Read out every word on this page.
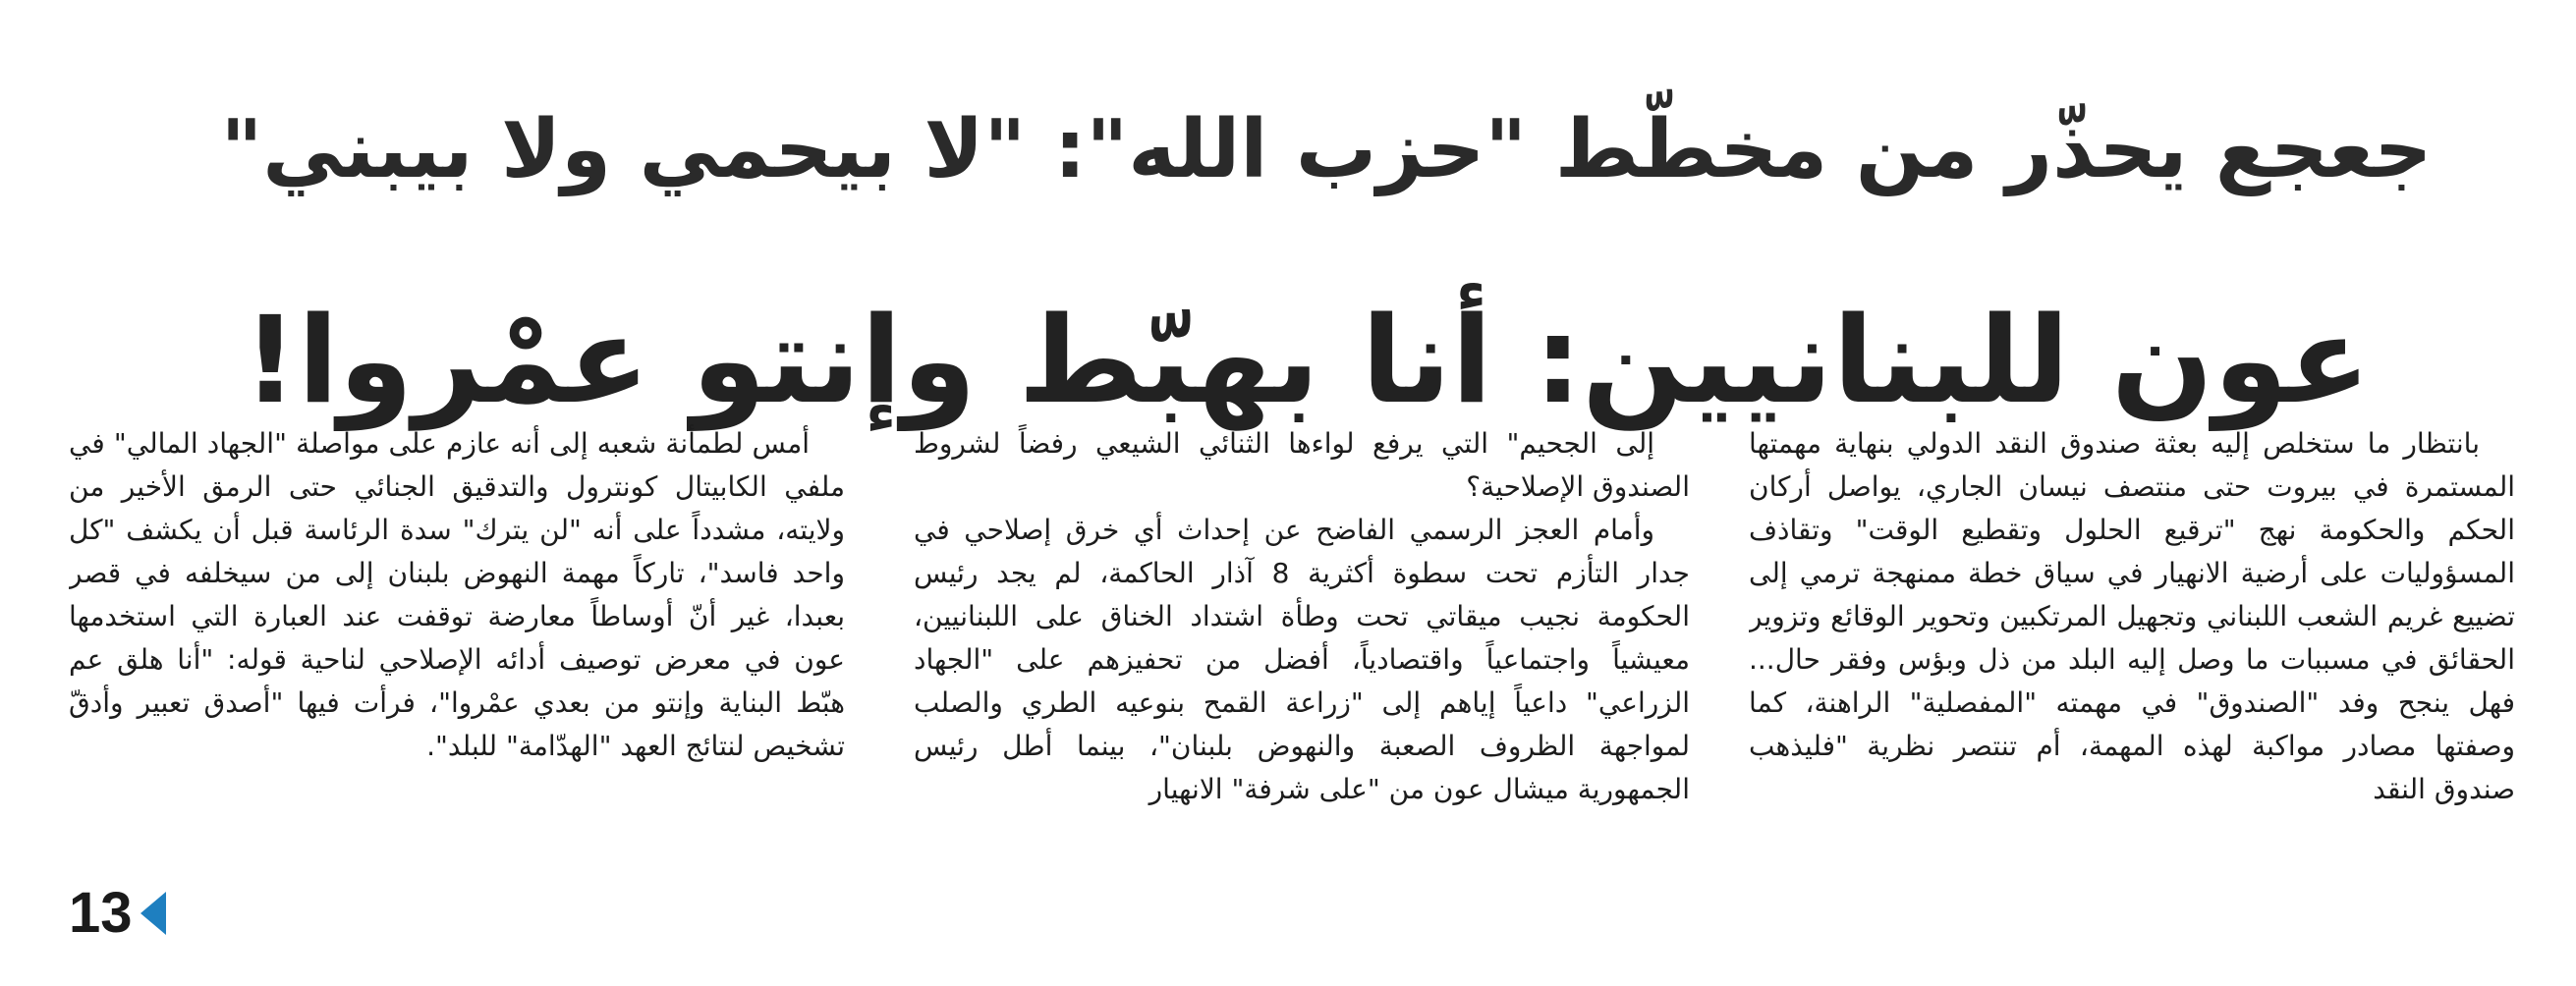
جعجع يحذّر من مخطّط "حزب الله": "لا بيحمي ولا بيبني"
عون للبنانيين: أنا بهبّط وإنتو عمْروا!

بانتظار ما ستخلص إليه بعثة صندوق النقد الدولي بنهاية مهمتها المستمرة في بيروت حتى منتصف نيسان الجاري، يواصل أركان الحكم والحكومة نهج "ترقيع الحلول وتقطيع الوقت" وتقاذف المسؤوليات على أرضية الانهيار في سياق خطة ممنهجة ترمي إلى تضييع غريم الشعب اللبناني وتجهيل المرتكبين وتحوير الوقائع وتزوير الحقائق في مسببات ما وصل إليه البلد من ذل وبؤس وفقر حال... فهل ينجح وفد "الصندوق" في مهمته "المفصلية" الراهنة، كما وصفتها مصادر مواكبة لهذه المهمة، أم تنتصر نظرية "فليذهب صندوق النقد

إلى الجحيم" التي يرفع لواءها الثنائي الشيعي رفضاً لشروط الصندوق الإصلاحية؟

وأمام العجز الرسمي الفاضح عن إحداث أي خرق إصلاحي في جدار التأزم تحت سطوة أكثرية 8 آذار الحاكمة، لم يجد رئيس الحكومة نجيب ميقاتي تحت وطأة اشتداد الخناق على اللبنانيين، معيشياً واجتماعياً واقتصادياً، أفضل من تحفيزهم على "الجهاد الزراعي" داعياً إياهم إلى "زراعة القمح بنوعيه الطري والصلب لمواجهة الظروف الصعبة والنهوض بلبنان"، بينما أطل رئيس الجمهورية ميشال عون من "على شرفة" الانهيار

أمس لطمأنة شعبه إلى أنه عازم على مواصلة "الجهاد المالي" في ملفي الكابيتال كونترول والتدقيق الجنائي حتى الرمق الأخير من ولايته، مشدداً على أنه "لن يترك" سدة الرئاسة قبل أن يكشف "كل واحد فاسد"، تاركاً مهمة النهوض بلبنان إلى من سيخلفه في قصر بعبدا، غير أنّ أوساطاً معارضة توقفت عند العبارة التي استخدمها عون في معرض توصيف أدائه الإصلاحي لناحية قوله: "أنا هلق عم هبّط البناية وإنتو من بعدي عمْروا"، فرأت فيها "أصدق تعبير وأدقّ تشخيص لنتائج العهد "الهدّامة" للبلد".

13
